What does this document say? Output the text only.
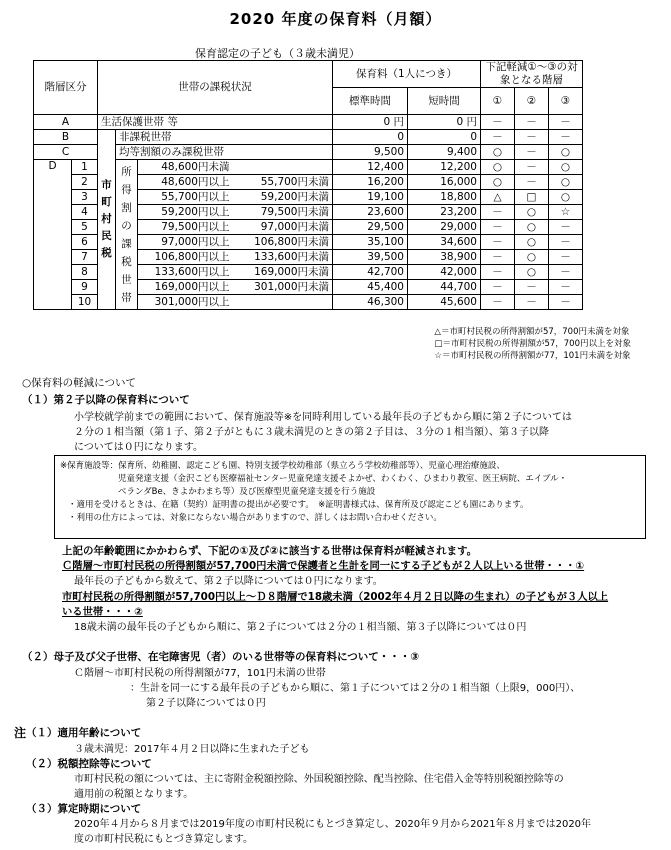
2020 年度の保育料（月額）
保育認定の子ども（３歳未満児）
階層区分		世帯の課税状況				保育料（1人につき）		下記軽減①～③の対象となる階層		
						標準時間	短時間	①	②	③
A		生活保護世帯 等				0 円	0 円	－	－	－
B		市町村民税	非課税世帯			0	0	－	－	－
C			均等割額のみ課税世帯			9,500	9,400	○	－	○
D	1		所得割の課税世帯	48,600円未満		12,400	12,200	○	－	○
	2			48,600円以上	55,700円未満	16,200	16,000	○	－	○
	3			55,700円以上	59,200円未満	19,100	18,800	△	□	○
	4			59,200円以上	79,500円未満	23,600	23,200	－	○	☆
	5			79,500円以上	97,000円未満	29,500	29,000	－	○	－
	6			97,000円以上	106,800円未満	35,100	34,600	－	○	－
	7			106,800円以上	133,600円未満	39,500	38,900	－	○	－
	8			133,600円以上	169,000円未満	42,700	42,000	－	○	－
	9			169,000円以上	301,000円未満	45,400	44,700	－	－	－
	10			301,000円以上		46,300	45,600	－	－	－
△＝市町村民税の所得割額が57，700円未満を対象
□＝市町村民税の所得割額が57，700円以上を対象
☆＝市町村民税の所得割額が77，101円未満を対象
○保育料の軽減について
（１）第２子以降の保育料について
小学校就学前までの範囲において、保育施設等※を同時利用している最年長の子どもから順に第２子については
２分の１相当額（第１子、第２子がともに３歳未満児のときの第２子目は、３分の１相当額）、第３子以降
については０円になります。
※保育施設等：保育所、幼稚園、認定こども園、特別支援学校幼稚部（県立ろう学校幼稚部等）、児童心理治療施設、
児童発達支援（金沢こども医療福祉センター児童発達支援そよかぜ、わくわく、ひまわり教室、医王病院、エイブル・
ベランダBe、きよかわまち等）及び医療型児童発達支援を行う施設
・適用を受けるときは、在籍（契約）証明書の提出が必要です。　※証明書様式は、保育所及び認定こども園にあります。
・利用の仕方によっては、対象にならない場合がありますので、詳しくはお問い合わせください。
上記の年齢範囲にかかわらず、下記の①及び②に該当する世帯は保育料が軽減されます。
Ｃ階層～市町村民税の所得割額が57,700円未満で保護者と生計を同一にする子どもが２人以上いる世帯・・・①
最年長の子どもから数えて、第２子以降については０円になります。
市町村民税の所得割額が57,700円以上～Ｄ８階層で18歳未満（2002年４月２日以降の生まれ）の子どもが３人以上
いる世帯・・・②
18歳未満の最年長の子どもから順に、第２子については２分の１相当額、第３子以降については０円
（２）母子及び父子世帯、在宅障害児（者）のいる世帯等の保育料について・・・③
Ｃ階層～市町村民税の所得割額が77，101円未満の世帯
：生計を同一にする最年長の子どもから順に、第１子については２分の１相当額（上限9，000円）、
第２子以降については０円
注 （１）適用年齢について
３歳未満児：2017年４月２日以降に生まれた子ども
（２）税額控除等について
市町村民税の額については、主に寄附金税額控除、外国税額控除、配当控除、住宅借入金等特別税額控除等の
適用前の税額となります。
（３）算定時期について
2020年４月から８月までは2019年度の市町村民税にもとづき算定し、2020年９月から2021年８月までは2020年
度の市町村民税にもとづき算定します。
